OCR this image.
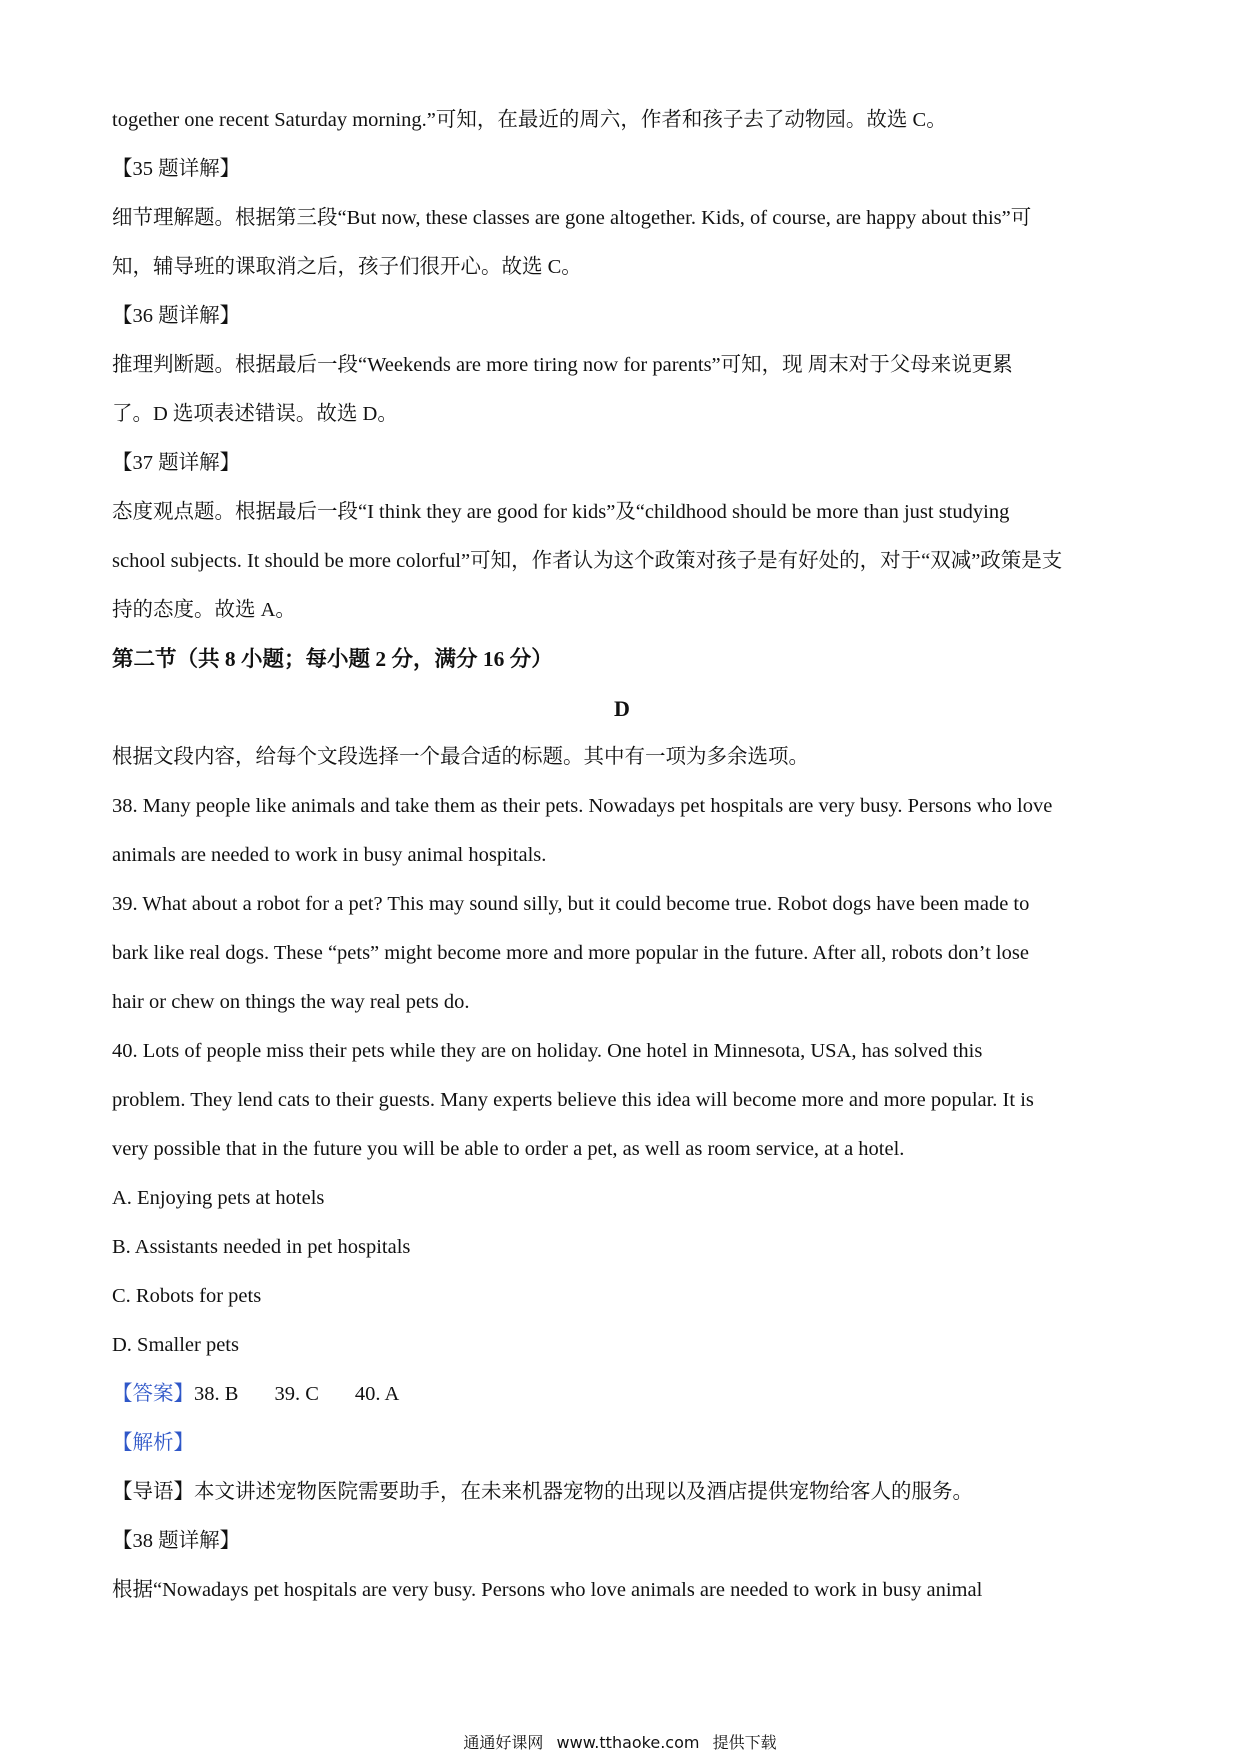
together one recent Saturday morning.”可知，在最近的周六，作者和孩子去了动物园。故选 C。
【35 题详解】
细节理解题。根据第三段“But now, these classes are gone altogether. Kids, of course, are happy about this”可
知，辅导班的课取消之后，孩子们很开心。故选 C。
【36 题详解】
推理判断题。根据最后一段“Weekends are more tiring now for parents”可知，现 周末对于父母来说更累
了。D 选项表述错误。故选 D。
【37 题详解】
态度观点题。根据最后一段“I think they are good for kids”及“childhood should be more than just studying
school subjects. It should be more colorful”可知，作者认为这个政策对孩子是有好处的，对于“双减”政策是支
持的态度。故选 A。
第二节（共 8 小题；每小题 2 分，满分 16 分）
D
根据文段内容，给每个文段选择一个最合适的标题。其中有一项为多余选项。
38. Many people like animals and take them as their pets. Nowadays pet hospitals are very busy. Persons who love
animals are needed to work in busy animal hospitals.
39. What about a robot for a pet? This may sound silly, but it could become true. Robot dogs have been made to
bark like real dogs. These “pets” might become more and more popular in the future. After all, robots don’t lose
hair or chew on things the way real pets do.
40. Lots of people miss their pets while they are on holiday. One hotel in Minnesota, USA, has solved this
problem. They lend cats to their guests. Many experts believe this idea will become more and more popular. It is
very possible that in the future you will be able to order a pet, as well as room service, at a hotel.
A. Enjoying pets at hotels
B. Assistants needed in pet hospitals
C. Robots for pets
D. Smaller pets
【答案】38. B 39. C 40. A
【解析】
【导语】本文讲述宠物医院需要助手，在未来机器宠物的出现以及酒店提供宠物给客人的服务。
【38 题详解】
根据“Nowadays pet hospitals are very busy. Persons who love animals are needed to work in busy animal
通通好课网 www.tthaoke.com 提供下载
